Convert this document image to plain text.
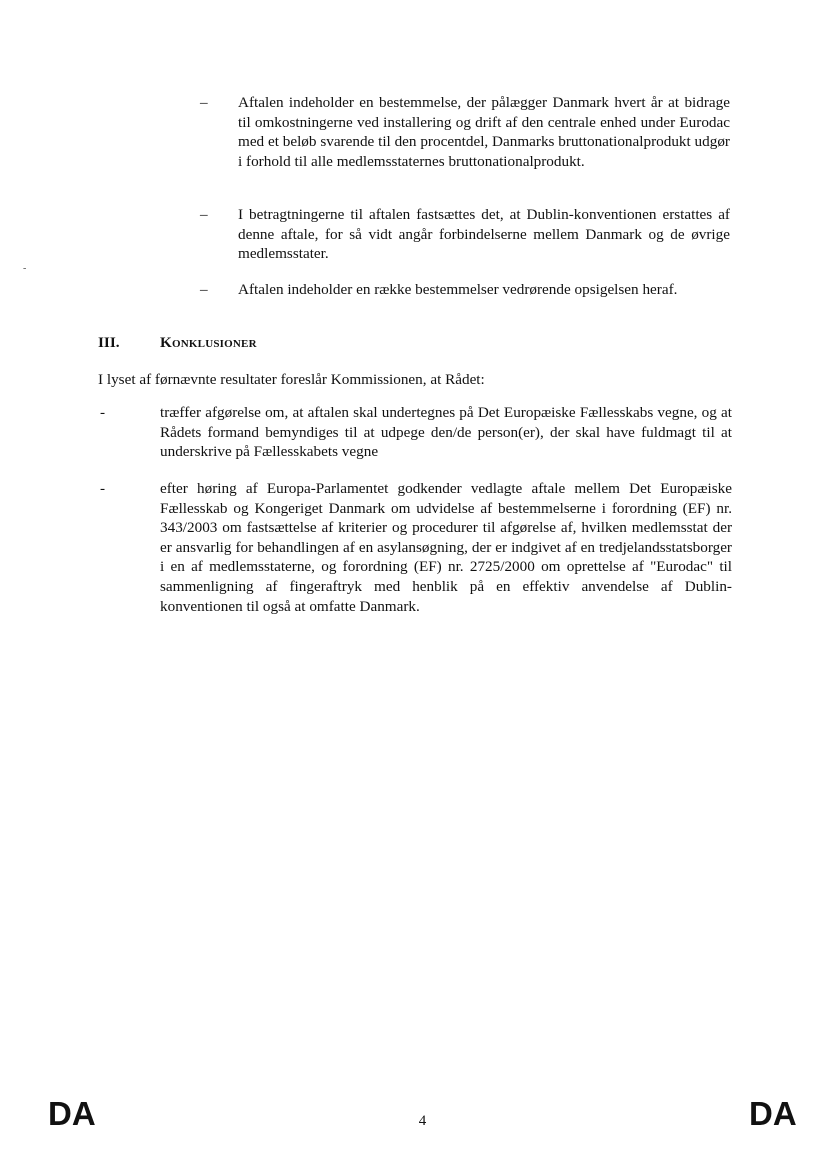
-
– Aftalen indeholder en bestemmelse, der pålægger Danmark hvert år at bidrage til omkostningerne ved installering og drift af den centrale enhed under Eurodac med et beløb svarende til den procentdel, Danmarks bruttonationalprodukt udgør i forhold til alle medlemsstaternes bruttonationalprodukt.

– I betragtningerne til aftalen fastsættes det, at Dublin-konventionen erstattes af denne aftale, for så vidt angår forbindelserne mellem Danmark og de øvrige medlemsstater.

– Aftalen indeholder en række bestemmelser vedrørende opsigelsen heraf.

III.	Konklusioner

I lyset af førnævnte resultater foreslår Kommissionen, at Rådet:

-	træffer afgørelse om, at aftalen skal undertegnes på Det Europæiske Fællesskabs vegne, og at Rådets formand bemyndiges til at udpege den/de person(er), der skal have fuldmagt til at underskrive på Fællesskabets vegne

-	efter høring af Europa-Parlamentet godkender vedlagte aftale mellem Det Europæiske Fællesskab og Kongeriget Danmark om udvidelse af bestemmelserne i forordning (EF) nr. 343/2003 om fastsættelse af kriterier og procedurer til afgørelse af, hvilken medlemsstat der er ansvarlig for behandlingen af en asylansøgning, der er indgivet af en tredjelandsstatsborger i en af medlemsstaterne, og forordning (EF) nr. 2725/2000 om oprettelse af "Eurodac" til sammenligning af fingeraftryk med henblik på en effektiv anvendelse af Dublin-konventionen til også at omfatte Danmark.

DA	4	DA
